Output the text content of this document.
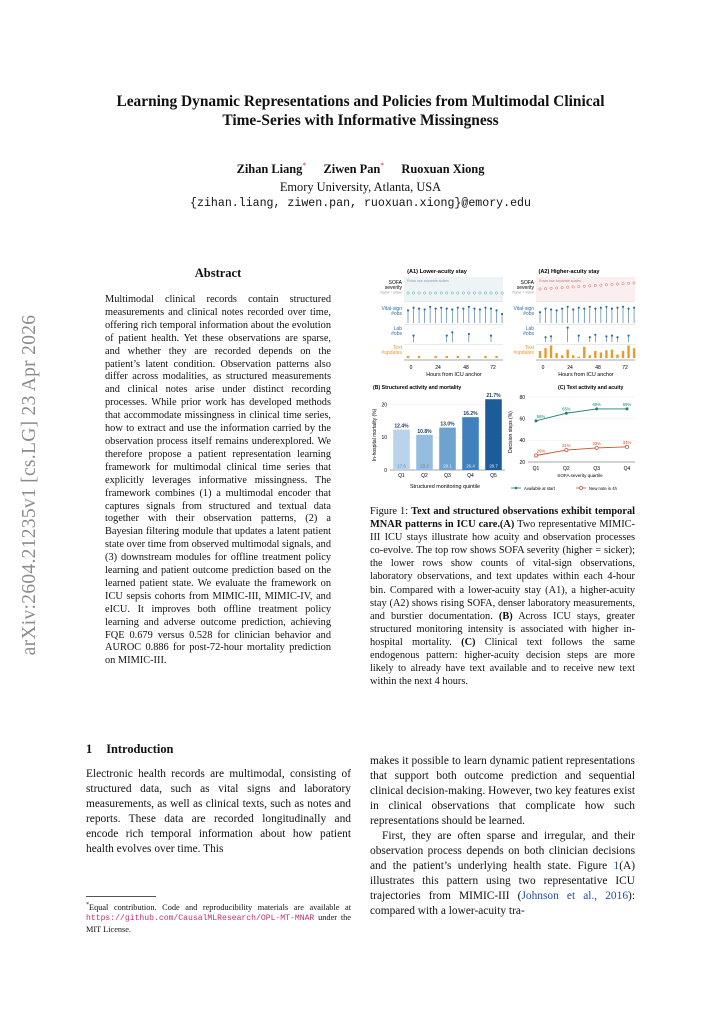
Learning Dynamic Representations and Policies from Multimodal Clinical
Time-Series with Informative Missingness
Zihan Liang* Ziwen Pan* Ruoxuan Xiong
Emory University, Atlanta, USA
{zihan.liang, ziwen.pan, ruoxuan.xiong}@emory.edu
arXiv:2604.21235v1 [cs.LG] 23 Apr 2026
Abstract
Multimodal clinical records contain structured measurements and clinical notes recorded over time, offering rich temporal information about the evolution of patient health. Yet these observations are sparse, and whether they are recorded depends on the patient’s latent condition. Observation patterns also differ across modalities, as structured measurements and clinical notes arise under distinct recording processes. While prior work has developed methods that accommodate missingness in clinical time series, how to extract and use the information carried by the observation process itself remains underexplored. We therefore propose a patient representation learning framework for multimodal clinical time series that explicitly leverages informative missingness. The framework combines (1) a multimodal encoder that captures signals from structured and textual data together with their observation patterns, (2) a Bayesian filtering module that updates a latent patient state over time from observed multimodal signals, and (3) downstream modules for offline treatment policy learning and patient outcome prediction based on the learned patient state. We evaluate the framework on ICU sepsis cohorts from MIMIC-III, MIMIC-IV, and eICU. It improves both offline treatment policy learning and adverse outcome prediction, achieving FQE 0.679 versus 0.528 for clinician behavior and AUROC 0.886 for post-72-hour mortality prediction on MIMIC-III.
1 Introduction
Electronic health records are multimodal, consisting of structured data, such as vital signs and laboratory measurements, as well as clinical texts, such as notes and reports. These data are recorded longitudinally and encode rich temporal information about how patient health evolves over time. This
*Equal contribution. Code and reproducibility materials are available at https://github.com/CausalMLResearch/OPL-MT-MNAR under the MIT License.
(A1) Lower-acuity stay	(A2) Higher-acuity stay
Rows use separate scales
SOFA
severity
higher = sicker
Vital-sign
#obs
Lab
#obs
Text
#updates
0	24	48	72
Hours from ICU anchor
Rows use separate scales
SOFA
severity
higher = sicker
Vital-sign
#obs
Lab
#obs
Text
#updates
0	24	48	72
Hours from ICU anchor
(B) Structured activity and mortality
In-hospital mortality (%)
0
10
20
12.4%
17.6
10.8%
23.2
13.0%
29.1
16.2%
26.4
21.7%
28.7
Q1	Q2	Q3	Q4	Q5
Structured monitoring quintile
(C) Text activity and acuity
Decision steps (%)
20
40
60
80
58%
65%
69%	69%
26%
31%	33%	34%
Q1	Q2	Q3	Q4
SOFA severity quartile
Available at start	New note in 4h
Figure 1: Text and structured observations exhibit temporal MNAR patterns in ICU care.(A) Two representative MIMIC-III ICU stays illustrate how acuity and observation processes co-evolve. The top row shows SOFA severity (higher = sicker); the lower rows show counts of vital-sign observations, laboratory observations, and text updates within each 4-hour bin. Compared with a lower-acuity stay (A1), a higher-acuity stay (A2) shows rising SOFA, denser laboratory measurements, and burstier documentation. (B) Across ICU stays, greater structured monitoring intensity is associated with higher in-hospital mortality. (C) Clinical text follows the same endogenous pattern: higher-acuity decision steps are more likely to already have text available and to receive new text within the next 4 hours.

makes it possible to learn dynamic patient representations that support both outcome prediction and sequential clinical decision-making. However, two key features exist in clinical observations that complicate how such representations should be learned.

First, they are often sparse and irregular, and their observation process depends on both clinician decisions and the patient’s underlying health state. Figure 1(A) illustrates this pattern using two representative ICU trajectories from MIMIC-III (Johnson et al., 2016): compared with a lower-acuity tra-
